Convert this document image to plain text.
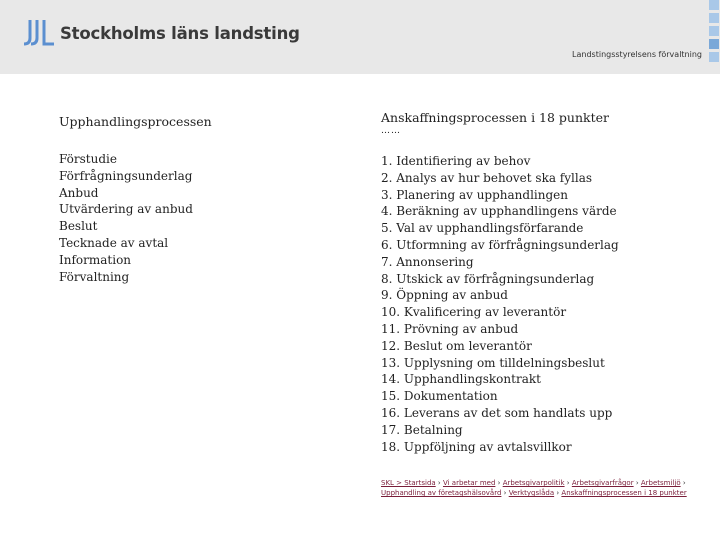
Stockholms läns landsting
Landstingsstyrelsens förvaltning

Upphandlingsprocessen

Förstudie
Förfrågningsunderlag
Anbud
Utvärdering av anbud
Beslut
Tecknade av avtal
Information
Förvaltning

Anskaffningsprocessen i 18 punkter

……

1. Identifiering av behov
2. Analys av hur behovet ska fyllas
3. Planering av upphandlingen
4. Beräkning av upphandlingens värde
5. Val av upphandlingsförfarande
6. Utformning av förfrågningsunderlag
7. Annonsering
8. Utskick av förfrågningsunderlag
9. Öppning av anbud
10. Kvalificering av leverantör
11. Prövning av anbud
12. Beslut om leverantör
13. Upplysning om tilldelningsbeslut
14. Upphandlingskontrakt
15. Dokumentation
16. Leverans av det som handlats upp
17. Betalning
18. Uppföljning av avtalsvillkor
SKL > Startsida › Vi arbetar med › Arbetsgivarpolitik › Arbetsgivarfrågor › Arbetsmiljö › Upphandling av företagshälsovård › Verktygslåda › Anskaffningsprocessen i 18 punkter
